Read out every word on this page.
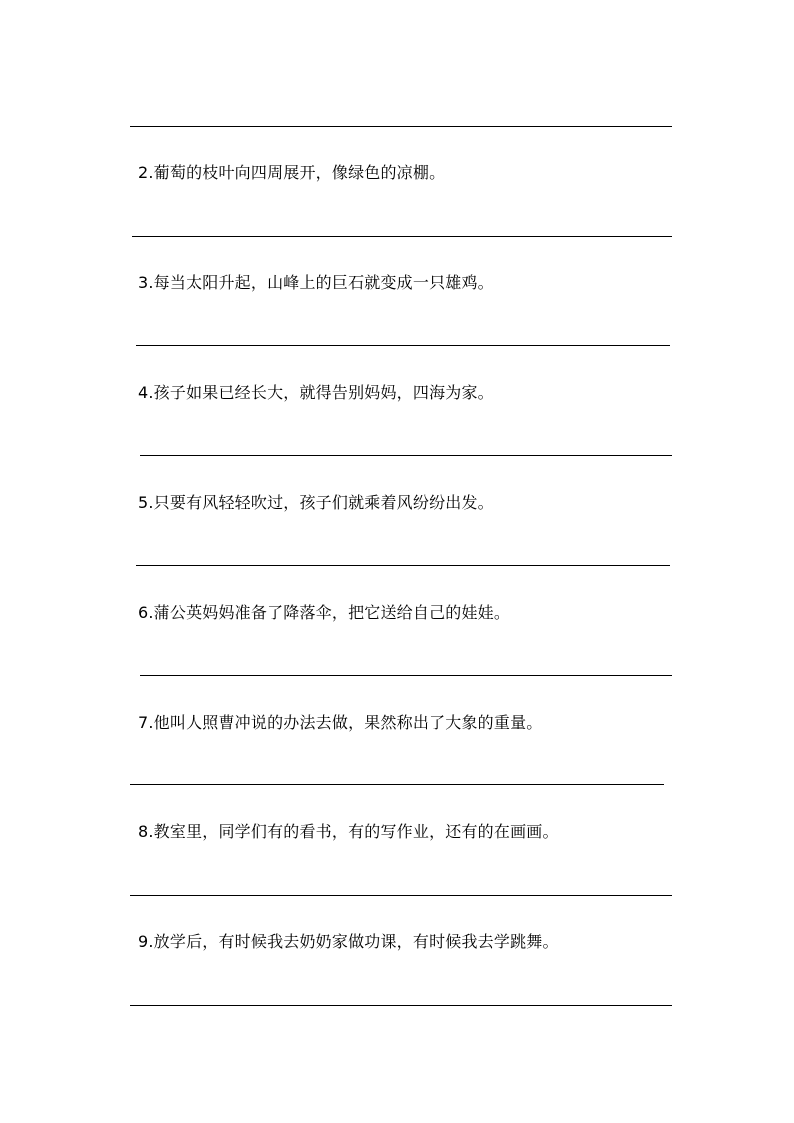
2.葡萄的枝叶向四周展开，像绿色的凉棚。
3.每当太阳升起，山峰上的巨石就变成一只雄鸡。
4.孩子如果已经长大，就得告别妈妈，四海为家。
5.只要有风轻轻吹过，孩子们就乘着风纷纷出发。
6.蒲公英妈妈准备了降落伞，把它送给自己的娃娃。
7.他叫人照曹冲说的办法去做，果然称出了大象的重量。
8.教室里，同学们有的看书，有的写作业，还有的在画画。
9.放学后，有时候我去奶奶家做功课，有时候我去学跳舞。
